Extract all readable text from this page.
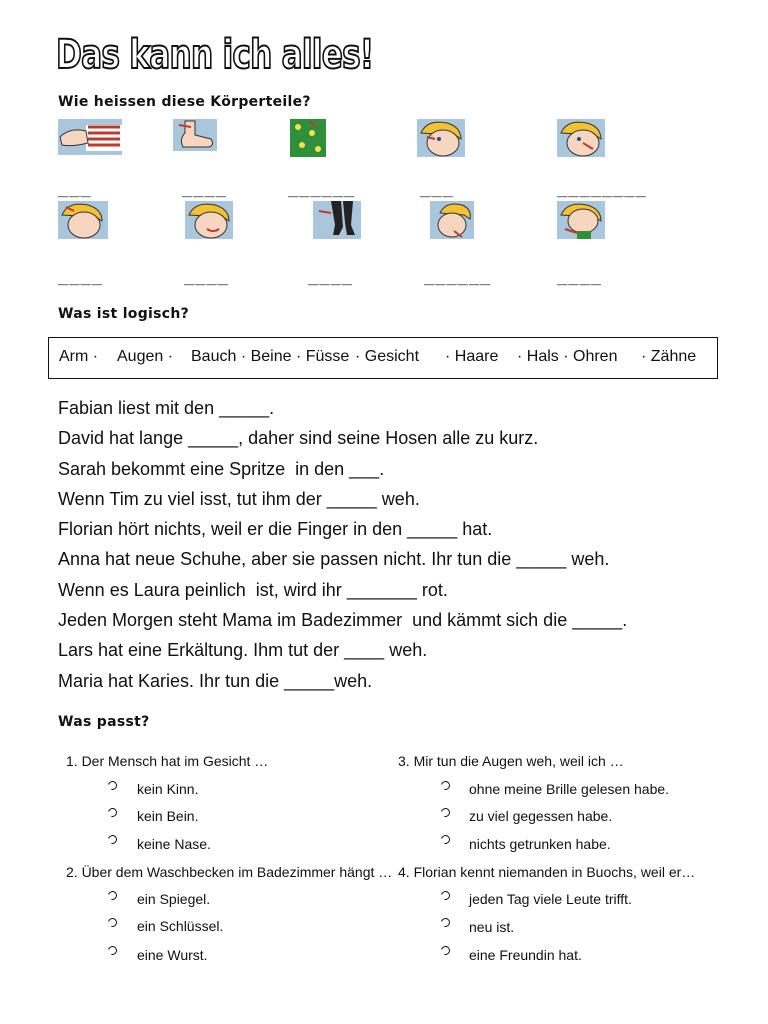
Das kann ich alles!
Wie heissen diese Körperteile?
___	____	______	___	________
____	____	____	______	____
Was ist logisch?
Arm · Augen · Bauch · Beine · Füsse · Gesicht · Haare · Hals · Ohren · Zähne
Fabian liest mit den _____.
David hat lange _____, daher sind seine Hosen alle zu kurz.
Sarah bekommt eine Spritze  in den ___.
Wenn Tim zu viel isst, tut ihm der _____ weh.
Florian hört nichts, weil er die Finger in den _____ hat.
Anna hat neue Schuhe, aber sie passen nicht. Ihr tun die _____ weh.
Wenn es Laura peinlich  ist, wird ihr _______ rot.
Jeden Morgen steht Mama im Badezimmer  und kämmt sich die _____.
Lars hat eine Erkältung. Ihm tut der ____ weh.
Maria hat Karies. Ihr tun die _____weh.
Was passt?
1. Der Mensch hat im Gesicht …
kein Kinn.
kein Bein.
keine Nase.
2. Über dem Waschbecken im Badezimmer hängt …
ein Spiegel.
ein Schlüssel.
eine Wurst.
3. Mir tun die Augen weh, weil ich …
ohne meine Brille gelesen habe.
zu viel gegessen habe.
nichts getrunken habe.
4. Florian kennt niemanden in Buochs, weil er…
jeden Tag viele Leute trifft.
neu ist.
eine Freundin hat.
